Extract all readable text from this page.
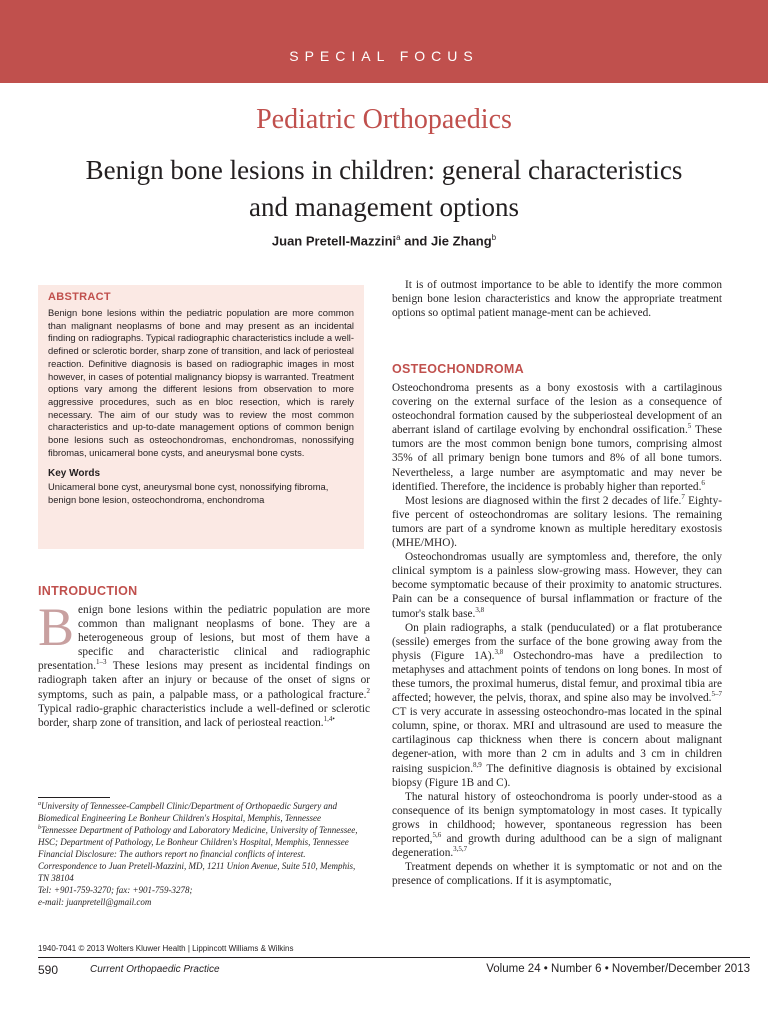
SPECIAL FOCUS
Pediatric Orthopaedics
Benign bone lesions in children: general characteristics
and management options
Juan Pretell-Mazzini$^a$ and Jie Zhang$^b$
ABSTRACT
Benign bone lesions within the pediatric population are more common than malignant neoplasms of bone and may present as an incidental finding on radiographs. Typical radiographic characteristics include a well-defined or sclerotic border, sharp zone of transition, and lack of periosteal reaction. Definitive diagnosis is based on radiographic images in most however, in cases of potential malignancy biopsy is warranted. Treatment options vary among the different lesions from observation to more aggressive procedures, such as en bloc resection, which is rarely necessary. The aim of our study was to review the most common characteristics and up-to-date management options of common benign bone lesions such as osteochondromas, enchondromas, nonossifying fibromas, unicameral bone cysts, and aneurysmal bone cysts.
Key Words
Unicameral bone cyst, aneurysmal bone cyst, nonossifying fibroma, benign bone lesion, osteochondroma, enchondroma
INTRODUCTION

Benign bone lesions within the pediatric population are more common than malignant neoplasms of bone. They are a heterogeneous group of lesions, but most of them have a specific and characteristic clinical and radiographic presentation.$^{1-3}$ These lesions may present as incidental findings on radiograph taken after an injury or because of the onset of signs or symptoms, such as pain, a palpable mass, or a pathological fracture.$^2$ Typical radio-graphic characteristics include a well-defined or sclerotic border, sharp zone of transition, and lack of periosteal reaction.$^{1,4•}$

$^a$University of Tennessee-Campbell Clinic/Department of Orthopaedic Surgery and Biomedical Engineering Le Bonheur Children's Hospital, Memphis, Tennessee

$^b$Tennessee Department of Pathology and Laboratory Medicine, University of Tennessee, HSC; Department of Pathology, Le Bonheur Children's Hospital, Memphis, Tennessee

Financial Disclosure: The authors report no financial conflicts of interest.

Correspondence to Juan Pretell-Mazzini, MD, 1211 Union Avenue, Suite 510, Memphis, TN 38104

Tel: +901-759-3270; fax: +901-759-3278;

e-mail: juanpretell@gmail.com

1940-7041 © 2013 Wolters Kluwer Health | Lippincott Williams & Wilkins
590	Current Orthopaedic Practice	Volume 24 • Number 6 • November/December 2013

It is of outmost importance to be able to identify the more common benign bone lesion characteristics and know the appropriate treatment options so optimal patient manage-ment can be achieved.

OSTEOCHONDROMA

Osteochondroma presents as a bony exostosis with a cartilaginous covering on the external surface of the lesion as a consequence of osteochondral formation caused by the subperiosteal development of an aberrant island of cartilage evolving by enchondral ossification.$^5$ These tumors are the most common benign bone tumors, comprising almost 35% of all primary benign bone tumors and 8% of all bone tumors. Nevertheless, a large number are asymptomatic and may never be identified. Therefore, the incidence is probably higher than reported.$^6$

Most lesions are diagnosed within the first 2 decades of life.$^7$ Eighty-five percent of osteochondromas are solitary lesions. The remaining tumors are part of a syndrome known as multiple hereditary exostosis (MHE/MHO).

Osteochondromas usually are symptomless and, therefore, the only clinical symptom is a painless slow-growing mass. However, they can become symptomatic because of their proximity to anatomic structures. Pain can be a consequence of bursal inflammation or fracture of the tumor's stalk base.$^{3,8}$

On plain radiographs, a stalk (penduculated) or a flat protuberance (sessile) emerges from the surface of the bone growing away from the physis (Figure 1A).$^{3,8}$ Ostechondro-mas have a predilection to metaphyses and attachment points of tendons on long bones. In most of these tumors, the proximal humerus, distal femur, and proximal tibia are affected; however, the pelvis, thorax, and spine also may be involved.$^{5-7}$ CT is very accurate in assessing osteochondro-mas located in the spinal column, spine, or thorax. MRI and ultrasound are used to measure the cartilaginous cap thickness when there is concern about malignant degener-ation, with more than 2 cm in adults and 3 cm in children raising suspicion.$^{8,9}$ The definitive diagnosis is obtained by excisional biopsy (Figure 1B and C).

The natural history of osteochondroma is poorly under-stood as a consequence of its benign symptomatology in most cases. It typically grows in childhood; however, spontaneous regression has been reported,$^{5,6}$ and growth during adulthood can be a sign of malignant degeneration.$^{3,5,7}$

Treatment depends on whether it is symptomatic or not and on the presence of complications. If it is asymptomatic,
